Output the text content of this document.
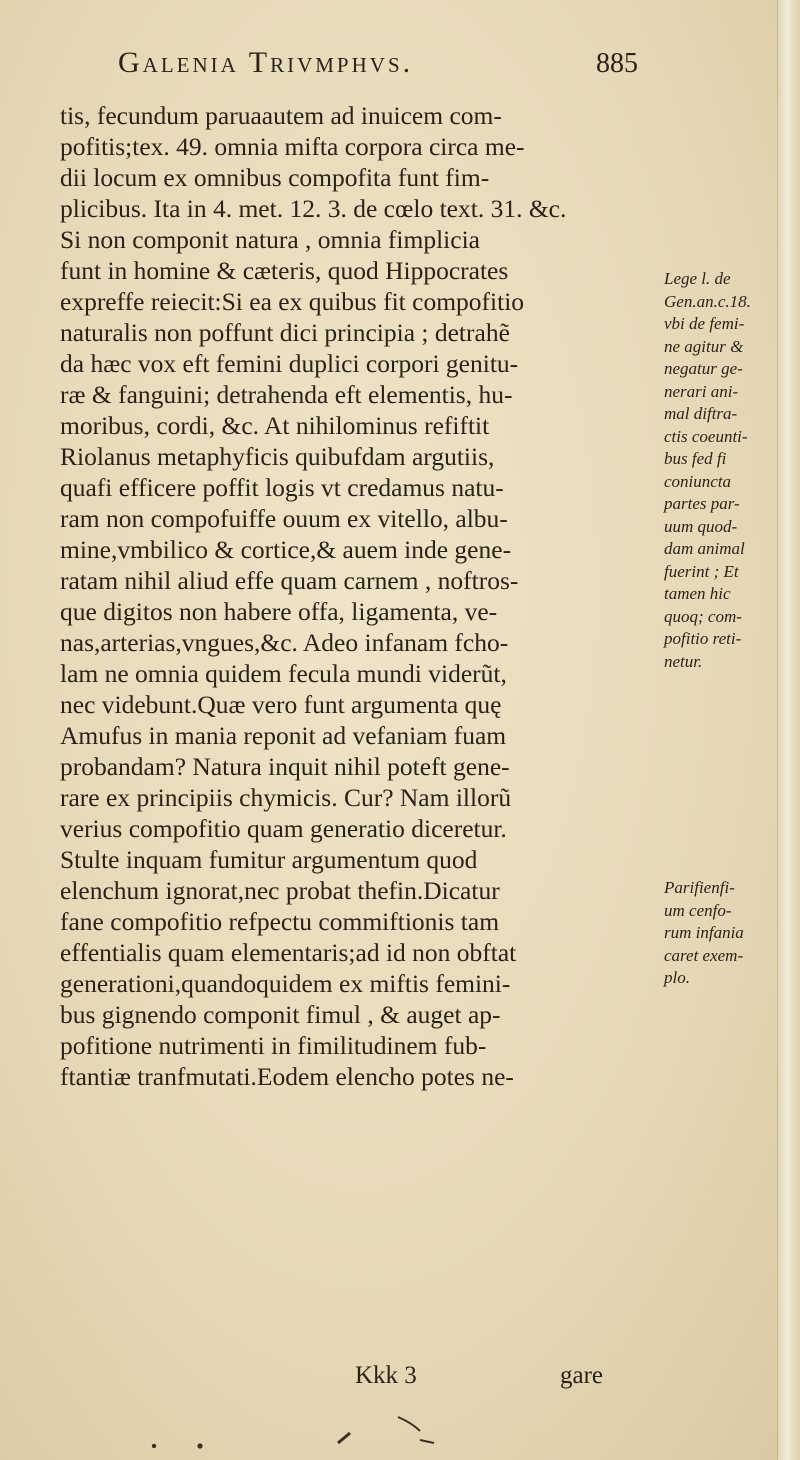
Galenia Trivmphvs.	885
tis, fecundum paruaautem ad inuicem com-
pofitis;tex. 49. omnia mifta corpora circa me-
dii locum ex omnibus compofita funt fim-
plicibus. Ita in 4. met. 12. 3. de cœlo text. 31. &c.
Si non componit natura , omnia fimplicia
funt in homine & cæteris, quod Hippocrates
expreffe reiecit:Si ea ex quibus fit compofitio
naturalis non poffunt dici principia ; detrahẽ
da hæc vox eft femini duplici corpori genitu-
ræ & fanguini; detrahenda eft elementis, hu-
moribus, cordi, &c. At nihilominus refiftit
Riolanus metaphyficis quibufdam argutiis,
quafi efficere poffit logis vt credamus natu-
ram non compofuiffe ouum ex vitello, albu-
mine,vmbilico & cortice,& auem inde gene-
ratam nihil aliud effe quam carnem , noftros-
que digitos non habere offa, ligamenta, ve-
nas,arterias,vngues,&c. Adeo infanam fcho-
lam ne omnia quidem fecula mundi viderũt,
nec videbunt.Quæ vero funt argumenta quę
Amufus in mania reponit ad vefaniam fuam
probandam? Natura inquit nihil poteft gene-
rare ex principiis chymicis. Cur? Nam illorũ
verius compofitio quam generatio diceretur.
Stulte inquam fumitur argumentum quod
elenchum ignorat,nec probat thefin.Dicatur
fane compofitio refpectu commiftionis tam
effentialis quam elementaris;ad id non obftat
generationi,quandoquidem ex miftis femini-
bus gignendo componit fimul , & auget ap-
pofitione nutrimenti in fimilitudinem fub-
ftantiæ tranfmutati.Eodem elencho potes ne-
Kkk 3	gare
Lege l. de
Gen.an.c.18.
vbi de femi-
ne agitur &
negatur ge-
nerari ani-
mal diftra-
ctis coeunti-
bus fed fi
coniuncta
partes par-
uum quod-
dam animal
fuerint ; Et
tamen hic
quoq; com-
pofitio reti-
netur.
Parifienfi-
um cenfo-
rum infania
caret exem-
plo.
